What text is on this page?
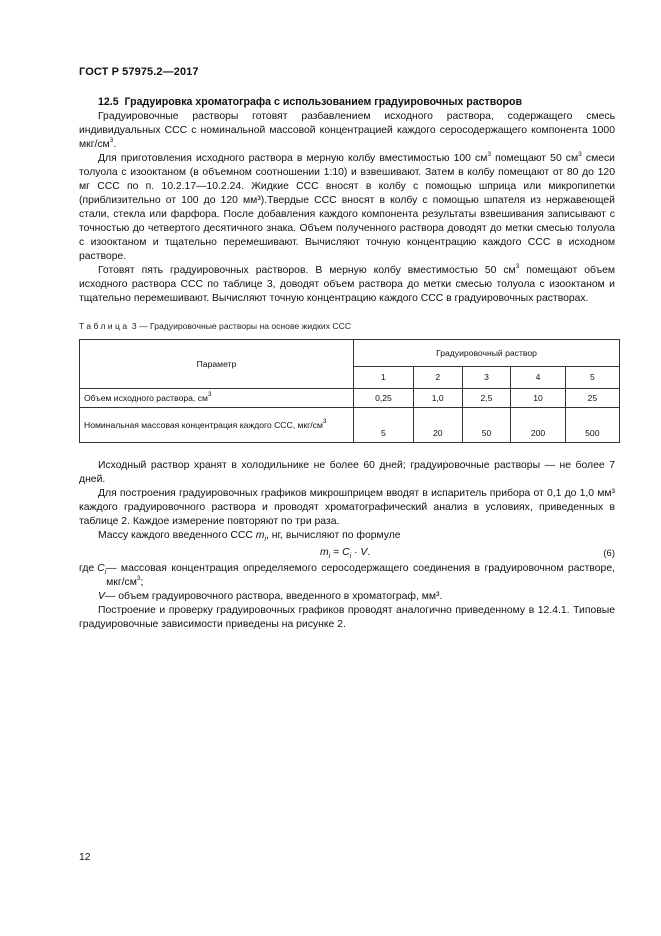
ГОСТ Р 57975.2—2017
12.5 Градуировка хроматографа с использованием градуировочных растворов

Градуировочные растворы готовят разбавлением исходного раствора, содержащего смесь индивидуальных ССС с номинальной массовой концентрацией каждого серосодержащего компонента 1000 мкг/$см^3$.

Для приготовления исходного раствора в мерную колбу вместимостью 100 $см^3$ помещают 50 $см^3$ смеси толуола с изооктаном (в объемном соотношении 1:10) и взвешивают. Затем в колбу помещают от 80 до 120 мг ССС по п. 10.2.17—10.2.24. Жидкие ССС вносят в колбу с помощью шприца или микропипетки (приблизительно от 100 до 120 мм³).Твердые ССС вносят в колбу с помощью шпателя из нержавеющей стали, стекла или фарфора. После добавления каждого компонента результаты взвешивания записывают с точностью до четвертого десятичного знака. Объем полученного раствора доводят до метки смесью толуола с изооктаном и тщательно перемешивают. Вычисляют точную концентрацию каждого ССС в исходном растворе.

Готовят пять градуировочных растворов. В мерную колбу вместимостью 50 $см^3$ помещают объем исходного раствора ССС по таблице 3, доводят объем раствора до метки смесью толуола с изооктаном и тщательно перемешивают. Вычисляют точную концентрацию каждого ССС в градуировочных растворах.

Таблица 3 — Градуировочные растворы на основе жидких ССС
Параметр	Градуировочный раствор				
	1	2	3	4	5
Объем исходного раствора, $см^3$	0,25	1,0	2,5	10	25
Номинальная массовая концентрация каждого ССС, мкг/$см^3$	5	20	50	200	500

Исходный раствор хранят в холодильнике не более 60 дней; градуировочные растворы — не более 7 дней.

Для построения градуировочных графиков микрошприцем вводят в испаритель прибора от 0,1 до 1,0 мм³ каждого градуировочного раствора и проводят хроматографический анализ в условиях, приведенных в таблице 2. Каждое измерение повторяют по три раза.

Массу каждого введенного ССС $m_i$, нг, вычисляют по формуле

$m_i = C_i \cdot V$.	(6)
где $C_i$ — массовая концентрация определяемого серосодержащего соединения в градуировочном растворе, мкг/$см^3$;
V — объем градуировочного раствора, введенного в хроматограф, мм³.

Построение и проверку градуировочных графиков проводят аналогично приведенному в 12.4.1. Типовые градуировочные зависимости приведены на рисунке 2.

12
